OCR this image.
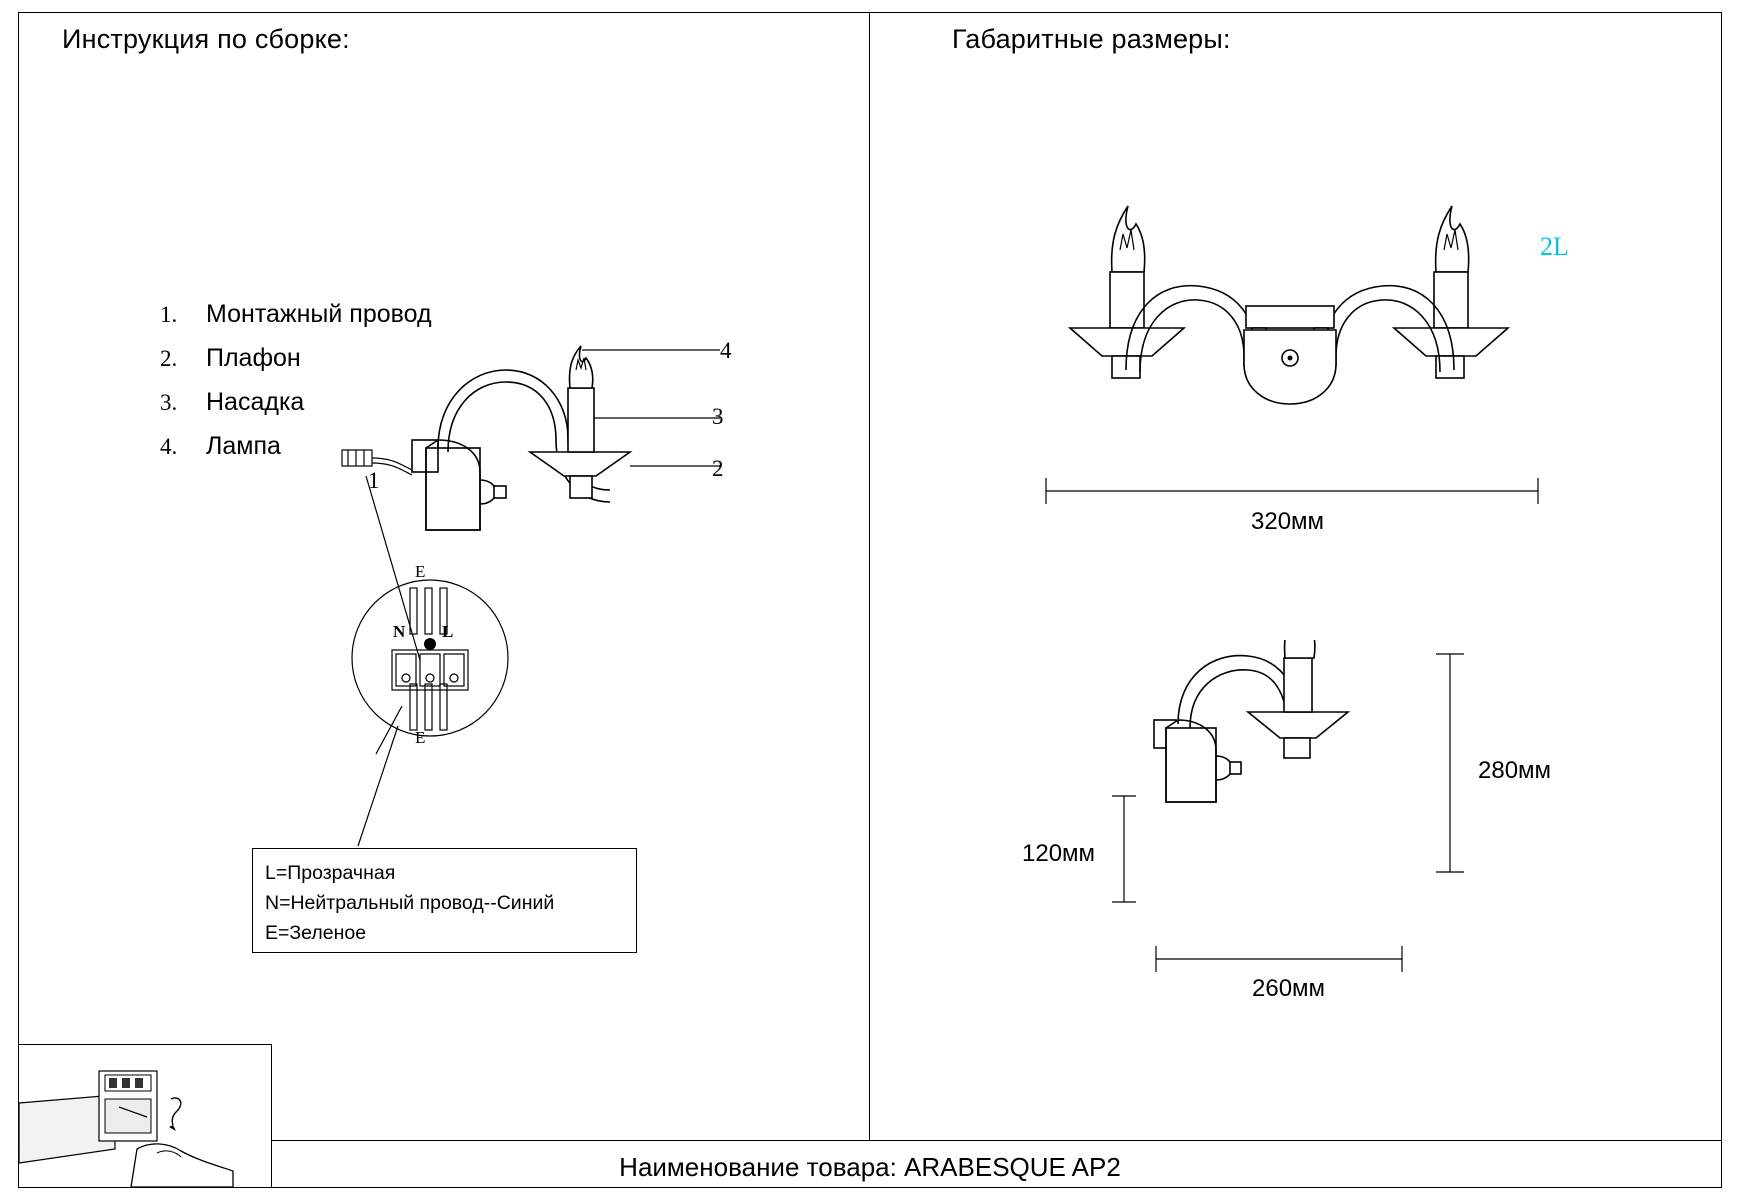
Инструкция по сборке:
1.	Монтажный провод
2.	Плафон
3.	Насадка
4.	Лампа
4
3
2
1
E
N L
E
L=Прозрачная
N=Нейтральный провод--Синий
E=Зеленое
Габаритные размеры:
2L
320мм
280мм
120мм
260мм
Наименование товара: ARABESQUE AP2
